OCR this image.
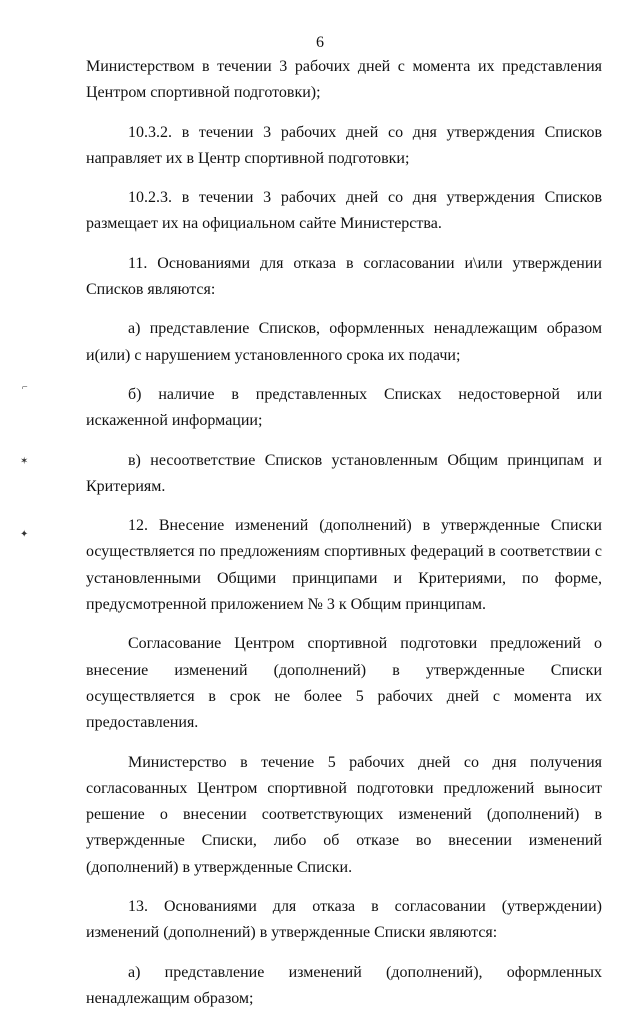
6
⌐
✶
✦

Министерством в течении 3 рабочих дней с момента их представления Центром спортивной подготовки);

10.3.2. в течении 3 рабочих дней со дня утверждения Списков направляет их в Центр спортивной подготовки;

10.2.3. в течении 3 рабочих дней со дня утверждения Списков размещает их на официальном сайте Министерства.

11. Основаниями для отказа в согласовании и\или утверждении Списков являются:

а) представление Списков, оформленных ненадлежащим образом и(или) с нарушением установленного срока их подачи;

б) наличие в представленных Списках недостоверной или искаженной информации;

в) несоответствие Списков установленным Общим принципам и Критериям.

12. Внесение изменений (дополнений) в утвержденные Списки осуществляется по предложениям спортивных федераций в соответствии с установленными Общими принципами и Критериями, по форме, предусмотренной приложением № 3 к Общим принципам.

Согласование Центром спортивной подготовки предложений о внесение изменений (дополнений) в утвержденные Списки осуществляется в срок не более 5 рабочих дней с момента их предоставления.

Министерство в течение 5 рабочих дней со дня получения согласованных Центром спортивной подготовки предложений выносит решение о внесении соответствующих изменений (дополнений) в утвержденные Списки, либо об отказе во внесении изменений (дополнений) в утвержденные Списки.

13. Основаниями для отказа в согласовании (утверждении) изменений (дополнений) в утвержденные Списки являются:

а) представление изменений (дополнений), оформленных ненадлежащим образом;
